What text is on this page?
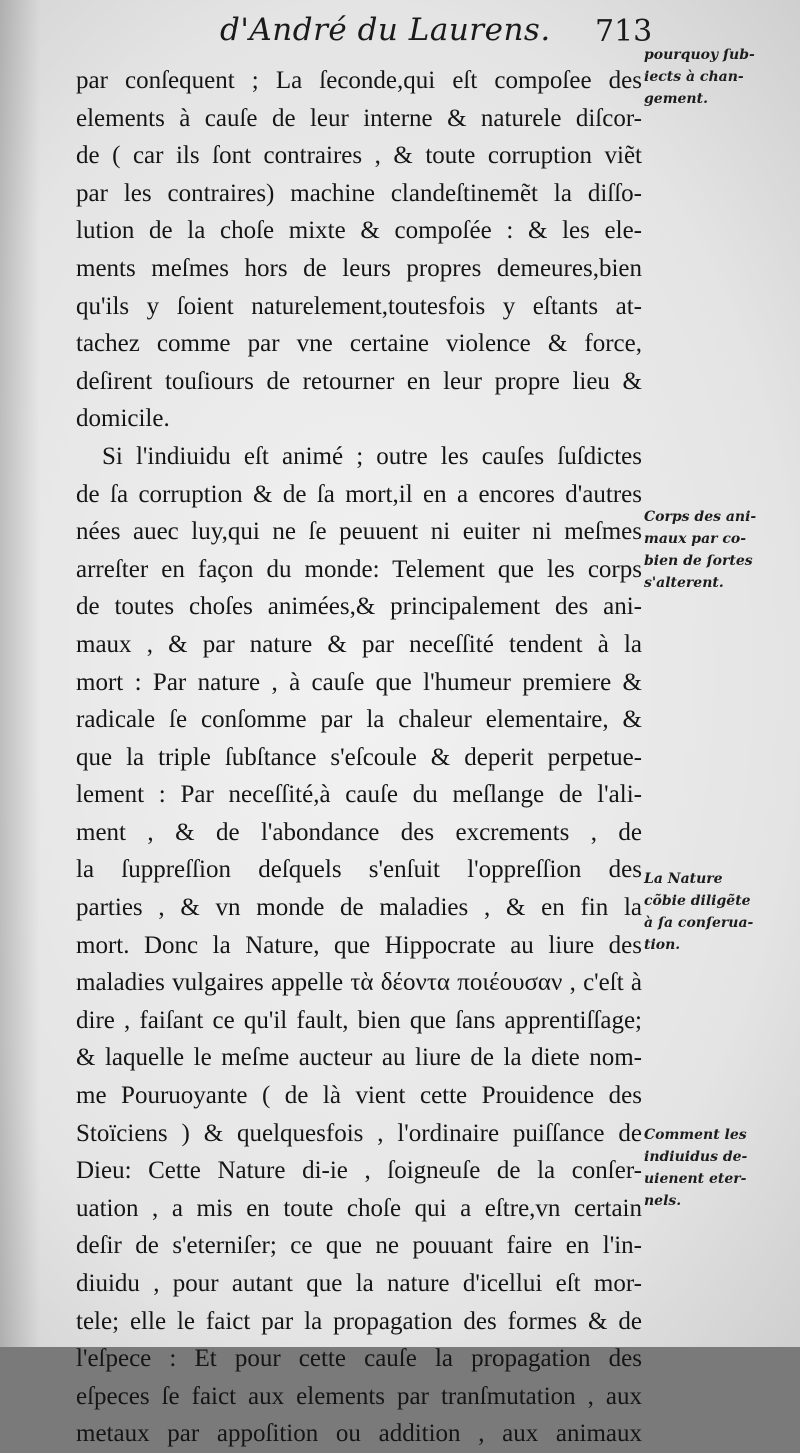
d'André du Laurens. 713
par conſequent ; La ſeconde,qui eſt compoſee des
elements à cauſe de leur interne & naturele diſcor-
de ( car ils ſont contraires , & toute corruption viẽt
par les contraires) machine clandeſtinemẽt la diſſo-
lution de la choſe mixte & compoſée : & les ele-
ments meſmes hors de leurs propres demeures,bien
qu'ils y ſoient naturelement,toutesfois y eſtants at-
tachez comme par vne certaine violence & force,
deſirent touſiours de retourner en leur propre lieu &
domicile.
Si l'indiuidu eſt animé ; outre les cauſes ſuſdictes
de ſa corruption & de ſa mort,il en a encores d'autres
nées auec luy,qui ne ſe peuuent ni euiter ni meſmes
arreſter en façon du monde: Telement que les corps
de toutes choſes animées,& principalement des ani-
maux , & par nature & par neceſſité tendent à la
mort : Par nature , à cauſe que l'humeur premiere &
radicale ſe conſomme par la chaleur elementaire, &
que la triple ſubſtance s'eſcoule & deperit perpetue-
lement : Par neceſſité,à cauſe du meſlange de l'ali-
ment , & de l'abondance des excrements , de
la ſuppreſſion deſquels s'enſuit l'oppreſſion des
parties , & vn monde de maladies , & en fin la
mort. Donc la Nature, que Hippocrate au liure des
maladies vulgaires appelle τὰ δέοντα ποιέουσαν , c'eſt à
dire , faiſant ce qu'il fault, bien que ſans apprentiſſage;
& laquelle le meſme aucteur au liure de la diete nom-
me Pouruoyante ( de là vient cette Prouidence des
Stoïciens ) & quelquesfois , l'ordinaire puiſſance de
Dieu: Cette Nature di-ie , ſoigneuſe de la conſer-
uation , a mis en toute choſe qui a eſtre,vn certain
deſir de s'eterniſer; ce que ne pouuant faire en l'in-
diuidu , pour autant que la nature d'icellui eſt mor-
tele; elle le faict par la propagation des formes & de
l'eſpece : Et pour cette cauſe la propagation des
eſpeces ſe faict aux elements par tranſmutation , aux
metaux par appoſition ou addition , aux animaux
pourquoy ſub-
iects à chan-
gement.
Corps des ani-
maux par co-
bien de ſortes
s'alterent.
La Nature
cõbie diligẽte
à ſa conſerua-
tion.
Comment les
indiuidus de-
uienent eter-
nels.
